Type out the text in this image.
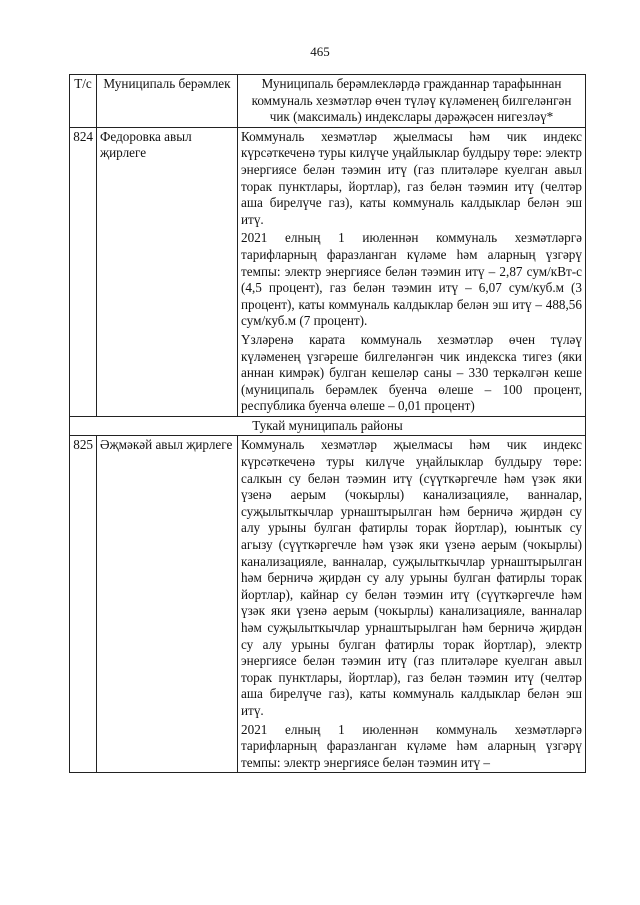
465
Т/с	Муниципаль берәмлек	Муниципаль берәмлекләрдә гражданнар тарафыннан коммуналь хезмәтләр өчен түләү күләменең билгеләнгән чик (максималь) индекслары дәрәҗәсен нигезләү*
824	Федоровка авыл җирлеге	Коммуналь хезмәтләр җыелмасы һәм чик индекс күрсәткеченә туры килүче уңайлыклар булдыру төре: электр энергиясе белән тәэмин итү (газ плитәләре куелган авыл торак пунктлары, йортлар), газ белән тәэмин итү (челтәр аша бирелүче газ), каты коммуналь калдыклар белән эш итү.

2021 елның 1 июленнән коммуналь хезмәтләргә тарифларның фаразланган күләме һәм аларның үзгәрү темпы: электр энергиясе белән тәэмин итү – 2,87 сум/кВт-с (4,5 процент), газ белән тәэмин итү – 6,07 сум/куб.м (3 процент), каты коммуналь калдыклар белән эш итү – 488,56 сум/куб.м (7 процент).

Үзләренә карата коммуналь хезмәтләр өчен түләү күләменең үзгәреше билгеләнгән чик индекска тигез (яки аннан кимрәк) булган кешеләр саны – 330 теркәлгән кеше (муниципаль берәмлек буенча өлеше – 100 процент, республика буенча өлеше – 0,01 процент)

Тукай муниципаль районы		
825	Әҗмәкәй авыл җирлеге	Коммуналь хезмәтләр җыелмасы һәм чик индекс күрсәткеченә туры килүче уңайлыклар булдыру төре: салкын су белән тәэмин итү (сүүткәргечле һәм үзәк яки үзенә аерым (чокырлы) канализацияле, ванналар, суҗылыткычлар урнаштырылган һәм берничә җирдән су алу урыны булган фатирлы торак йортлар), юынтык су агызу (сүүткәргечле һәм үзәк яки үзенә аерым (чокырлы) канализацияле, ванналар, суҗылыткычлар урнаштырылган һәм берничә җирдән су алу урыны булган фатирлы торак йортлар), кайнар су белән тәэмин итү (сүүткәргечле һәм үзәк яки үзенә аерым (чокырлы) канализацияле, ванналар һәм суҗылыткычлар урнаштырылган һәм берничә җирдән су алу урыны булган фатирлы торак йортлар), электр энергиясе белән тәэмин итү (газ плитәләре куелган авыл торак пунктлары, йортлар), газ белән тәэмин итү (челтәр аша бирелүче газ), каты коммуналь калдыклар белән эш итү.

2021 елның 1 июленнән коммуналь хезмәтләргә тарифларның фаразланган күләме һәм аларның үзгәрү темпы: электр энергиясе белән тәэмин итү –
